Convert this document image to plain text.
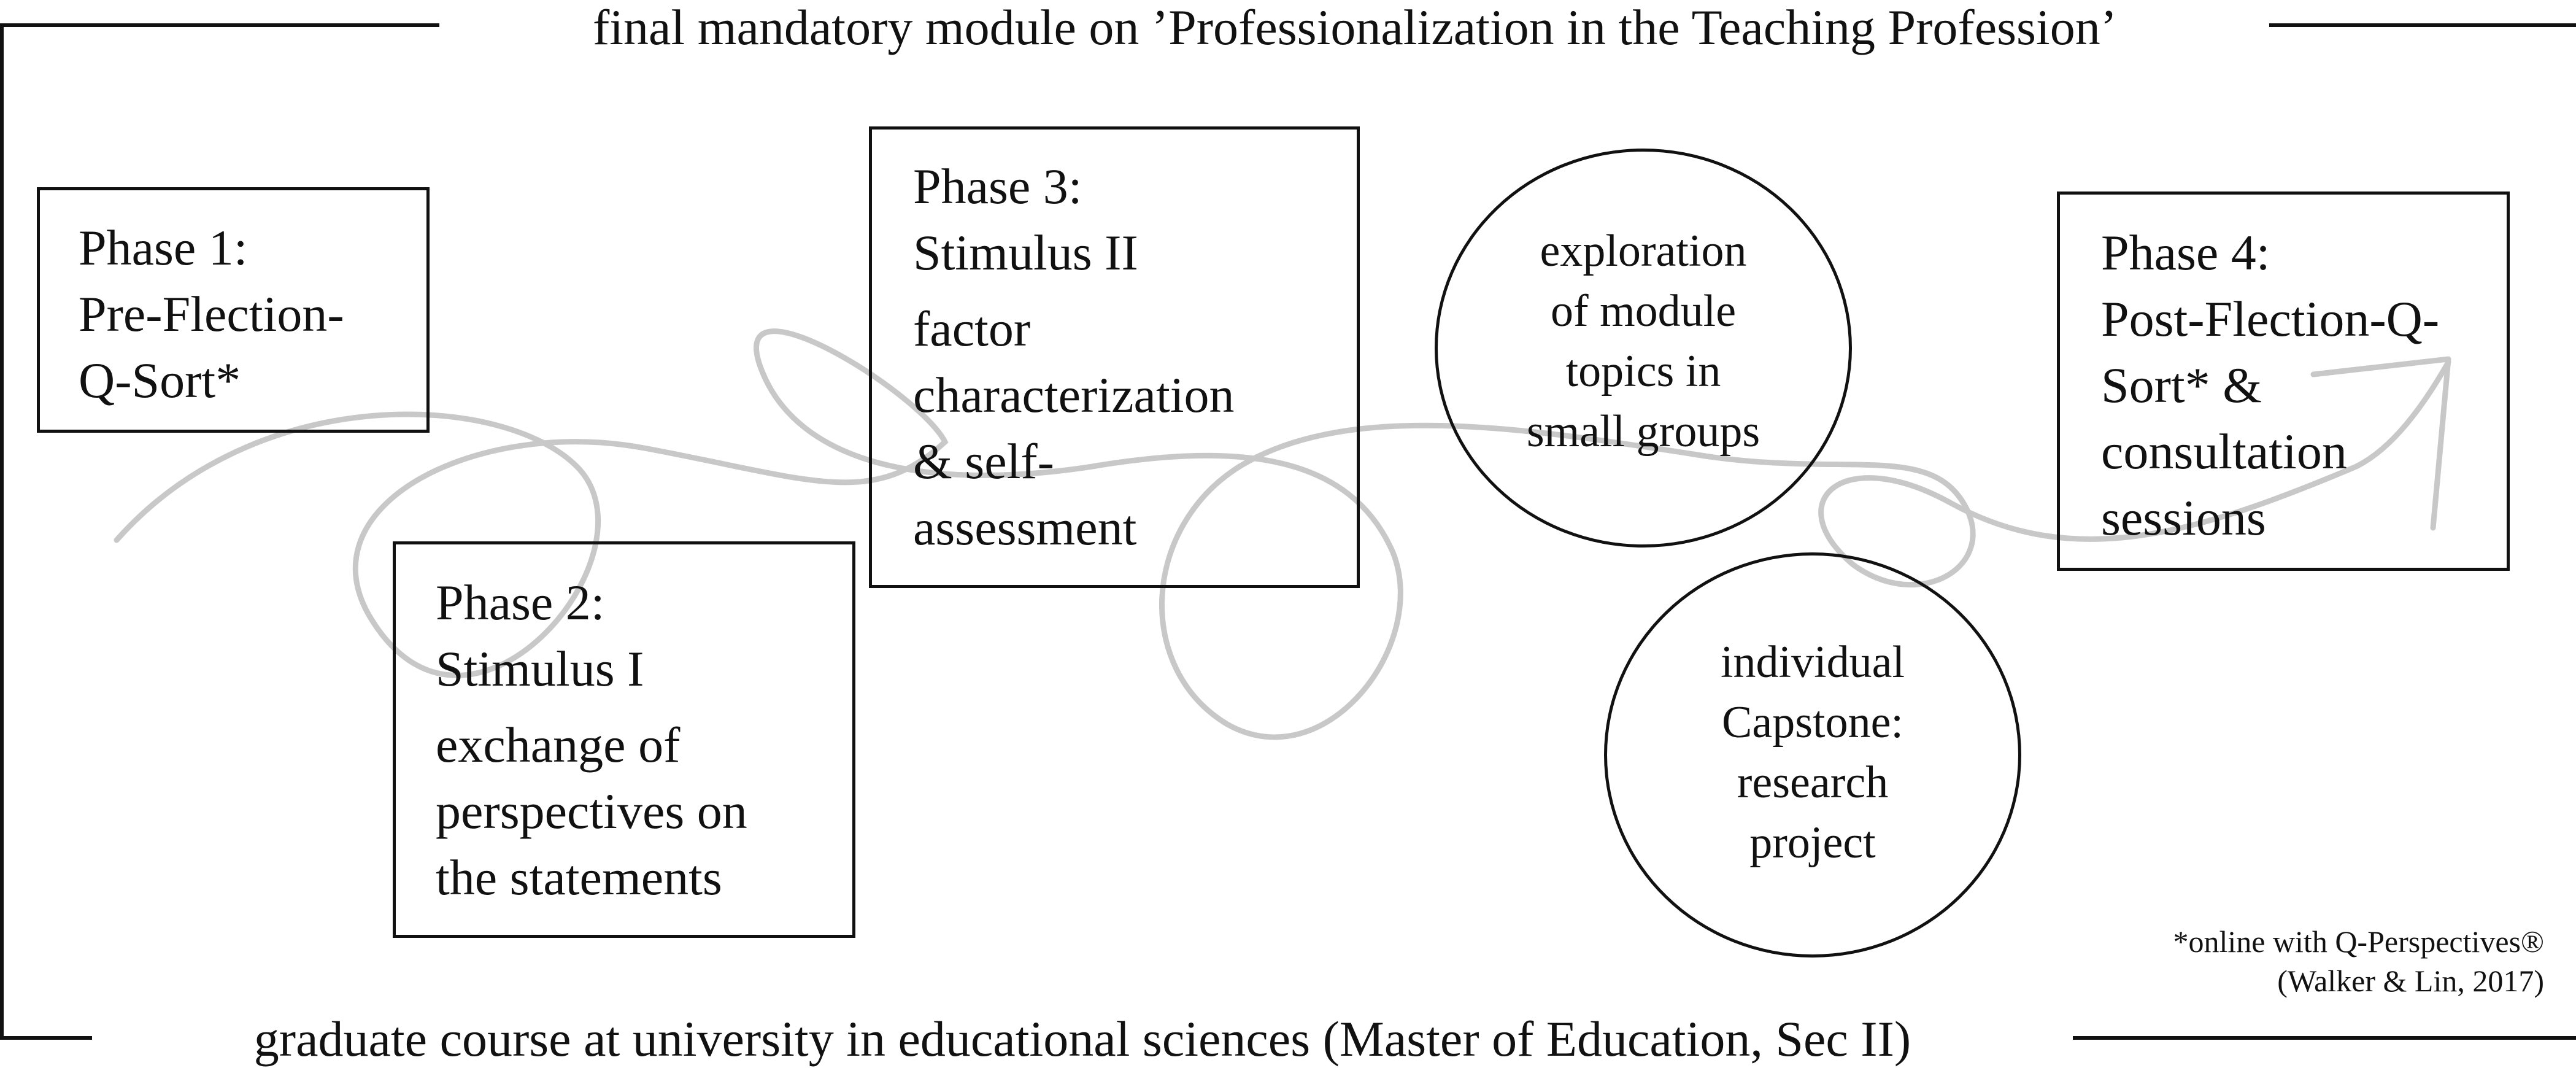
final mandatory module on ’Professionalization in the Teaching Profession’
graduate course at university in educational sciences (Master of Education, Sec II)
Phase 1:
Pre-Flection-
Q-Sort*
Phase 2:
Stimulus I
exchange of
perspectives on
the statements
Phase 3:
Stimulus II
factor
characterization
& self-
assessment
Phase 4:
Post-Flection-Q-
Sort* &
consultation
sessions
exploration
of module
topics in
small groups
individual
Capstone:
research
project
*online with Q-Perspectives®
(Walker & Lin, 2017)
